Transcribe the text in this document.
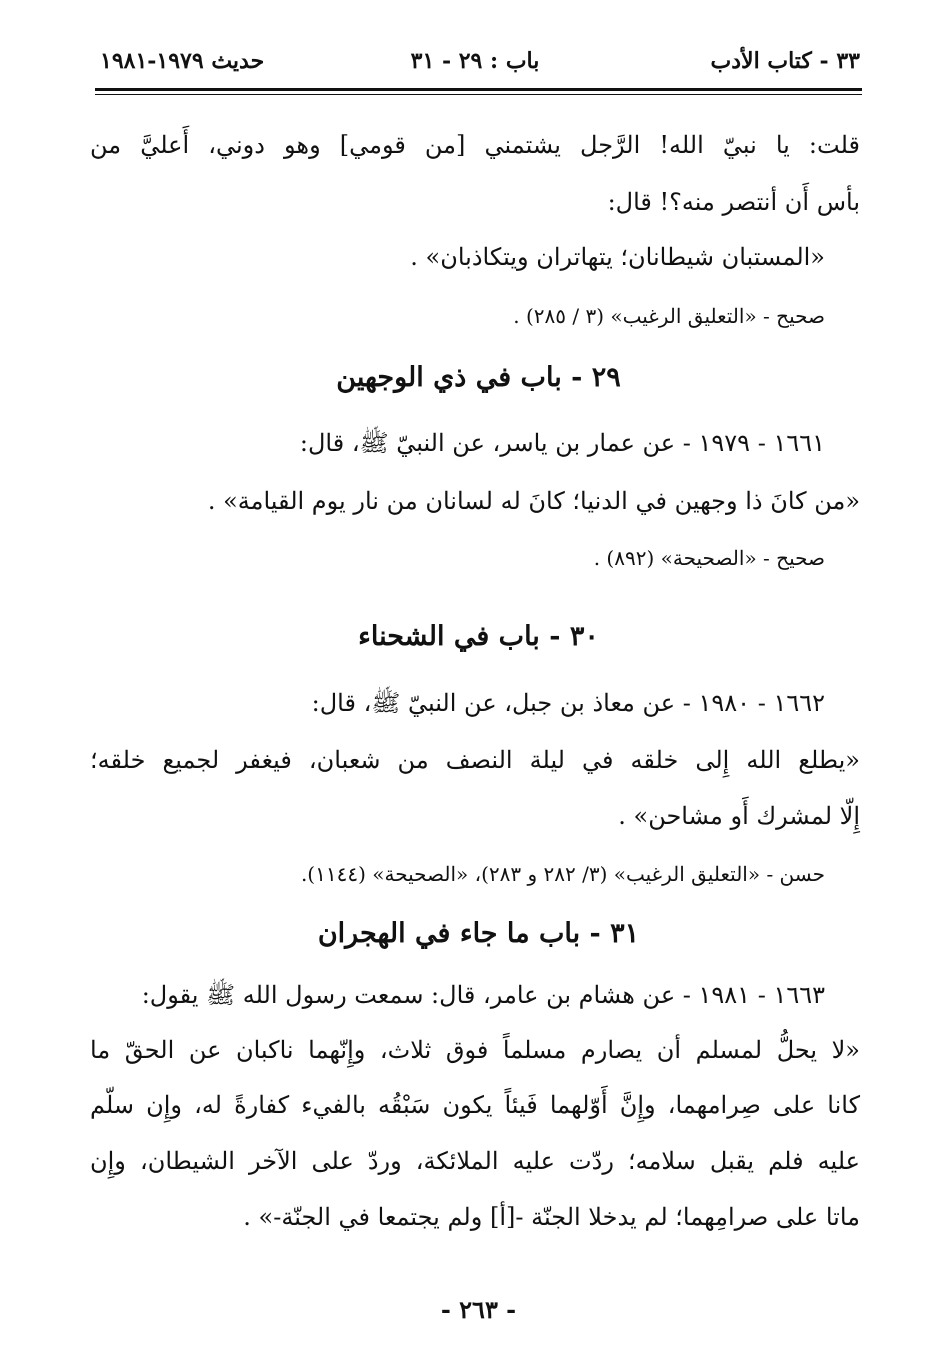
٣٣ - كتاب الأدب
باب : ٢٩ - ٣١
حديث ١٩٧٩-١٩٨١
قلت: يا نبيّ الله! الرَّجل يشتمني [من قومي] وهو دوني، أَعليَّ من
بأس أَن أنتصر منه؟! قال:
«المستبان شيطانان؛ يتهاتران ويتكاذبان» .
صحيح - «التعليق الرغيب» (٣ / ٢٨٥) .
٢٩ - باب في ذي الوجهين
١٦٦١ - ١٩٧٩ - عن عمار بن ياسر، عن النبيّ ﷺ، قال:
«من كانَ ذا وجهين في الدنيا؛ كانَ له لسانان من نار يوم القيامة» .
صحيح - «الصحيحة» (٨٩٢) .
٣٠ - باب في الشحناء
١٦٦٢ - ١٩٨٠ - عن معاذ بن جبل، عن النبيّ ﷺ، قال:
«يطلع الله إِلى خلقه في ليلة النصف من شعبان، فيغفر لجميع خلقه؛
إِلّا لمشرك أَو مشاحن» .
حسن - «التعليق الرغيب» (٣/ ٢٨٢ و ٢٨٣)، «الصحيحة» (١١٤٤).
٣١ - باب ما جاء في الهجران
١٦٦٣ - ١٩٨١ - عن هشام بن عامر، قال: سمعت رسول الله ﷺ يقول:
«لا يحلُّ لمسلم أن يصارم مسلماً فوق ثلاث، وإِنّهما ناكبان عن الحقّ ما
كانا على صِرامهما، وإِنَّ أَوّلهما فَيئاً يكون سَبْقُه بالفيء كفارةً له، وإِن سلّم
عليه فلم يقبل سلامه؛ ردّت عليه الملائكة، وردّ على الآخر الشيطان، وإِن
ماتا على صرامِهما؛ لم يدخلا الجنّة -[أ] ولم يجتمعا في الجنّة-» .
- ٢٦٣ -
